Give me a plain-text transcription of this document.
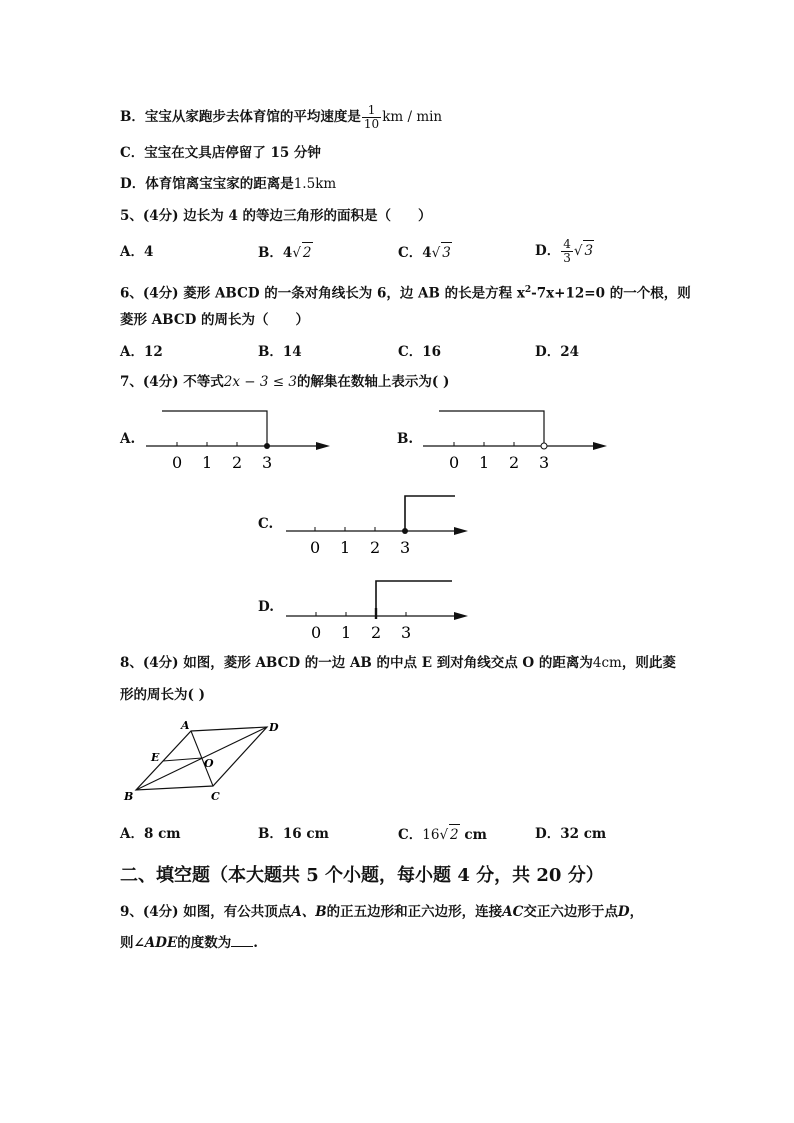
B．宝宝从家跑步去体育馆的平均速度是 $\frac{1}{10}$ km / min
C．宝宝在文具店停留了 15 分钟
D．体育馆离宝宝家的距离是1.5km
5、(4分) 边长为 4 的等边三角形的面积是（　　）
A．4	B．4√ 2	C．4√ 3	D． $\frac{4}{3}$ √ 3
6、(4分) 菱形 ABCD 的一条对角线长为 6，边 AB 的长是方程 $x^2-7x+12=0$ 的一个根，则
菱形 ABCD 的周长为（　　）
A．12	B．14	C．16	D．24
7、(4分) 不等式2x − 3 ≤ 3的解集在数轴上表示为( )
A.
0 1 2 3
B.
0 1 2 3
C.
0 1 2 3
D.
0 1 2 3
8、(4分) 如图，菱形 ABCD 的一边 AB 的中点 E 到对角线交点 O 的距离为4cm，则此菱
形的周长为( )
A
B	C
D
E	O
A．8 cm	B．16 cm	C．16√ 2 cm	D．32 cm
二、填空题（本大题共 5 个小题，每小题 4 分，共 20 分）
9、(4分) 如图，有公共顶点A、B的正五边形和正六边形，连接AC交正六边形于点D，
则∠ADE的度数为 .
